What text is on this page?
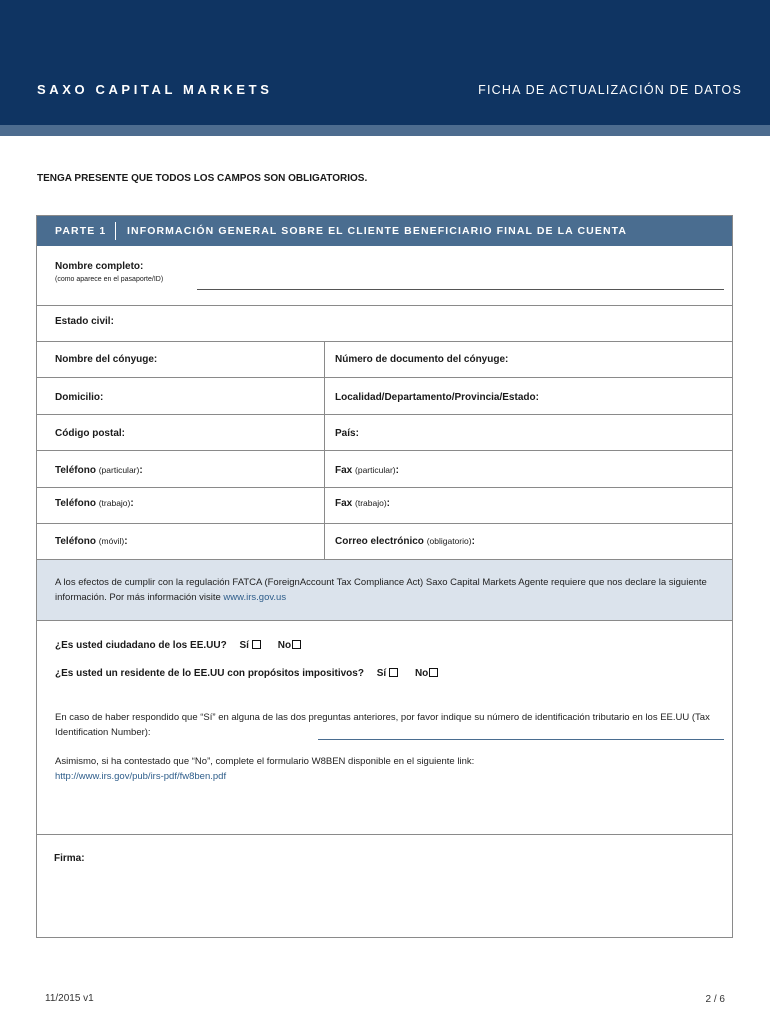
SAXO CAPITAL MARKETS	FICHA DE ACTUALIZACIÓN DE DATOS
TENGA PRESENTE QUE TODOS LOS CAMPOS SON OBLIGATORIOS.
PARTE 1 INFORMACIÓN GENERAL SOBRE EL CLIENTE BENEFICIARIO FINAL DE LA CUENTA
Nombre completo:
(como aparece en el pasaporte/ID)
Estado civil:
Nombre del cónyuge:	Número de documento del cónyuge:
Domicilio:	Localidad/Departamento/Provincia/Estado:
Código postal:	País:
Teléfono (particular):	Fax (particular):
Teléfono (trabajo):	Fax (trabajo):
Teléfono (móvil):	Correo electrónico (obligatorio):
A los efectos de cumplir con la regulación FATCA (ForeignAccount Tax Compliance Act) Saxo Capital Markets Agente requiere que nos declare la siguiente información. Por más información visite www.irs.gov.us
¿Es usted ciudadano de los EE.UU? Sí	No
¿Es usted un residente de lo EE.UU con propósitos impositivos? Sí	No
En caso de haber respondido que “Sí” en alguna de las dos preguntas anteriores, por favor indique su número de identificación tributario en los EE.UU (Tax Identification Number):
Asimismo, si ha contestado que “No”, complete el formulario W8BEN disponible en el siguiente link:
http://www.irs.gov/pub/irs-pdf/fw8ben.pdf
Firma:
11/2015 v1	2 / 6
